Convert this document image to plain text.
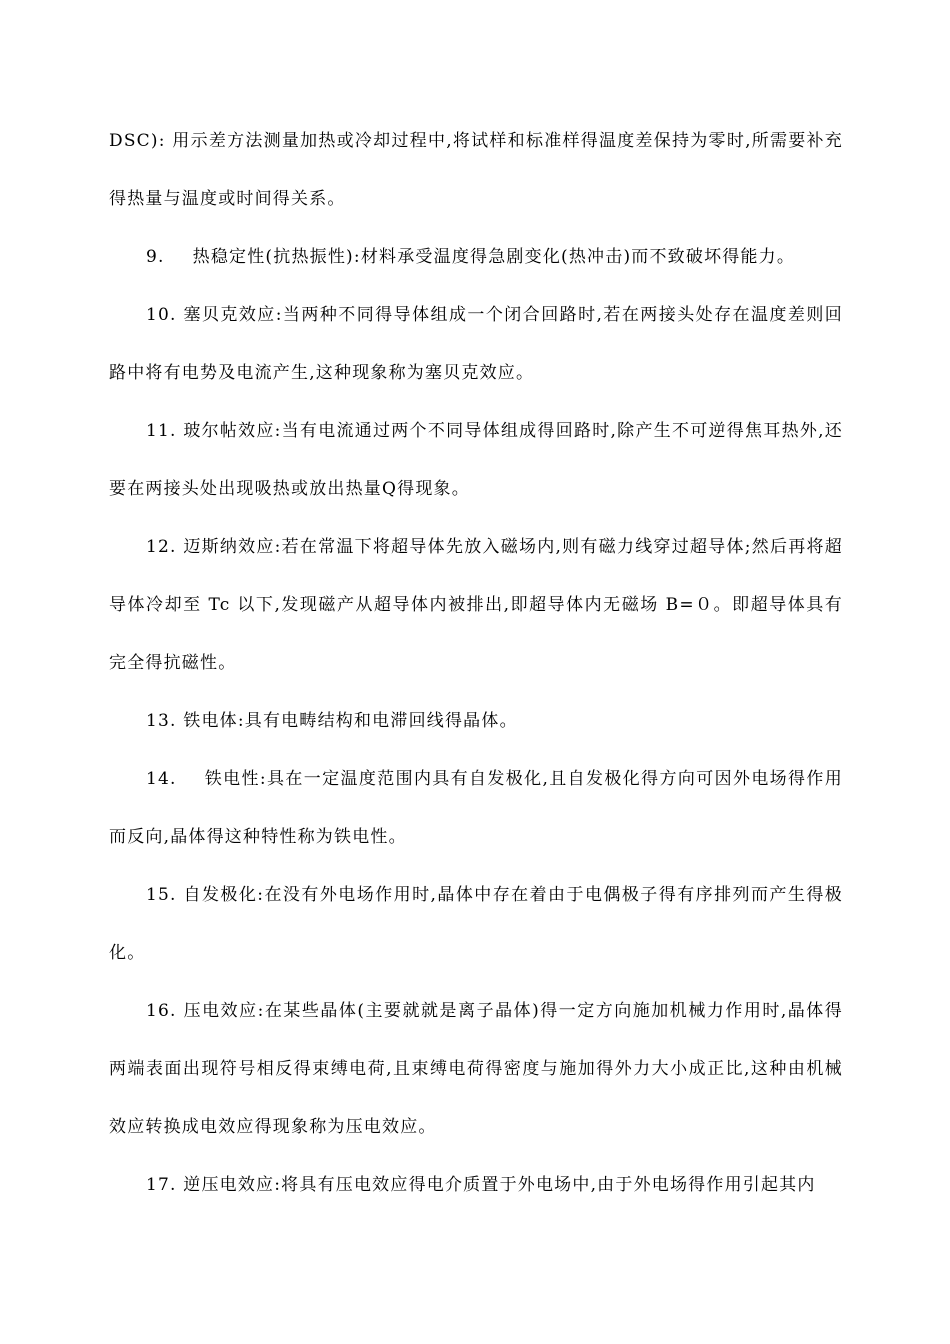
DSC): 用示差方法测量加热或冷却过程中,将试样和标准样得温度差保持为零时,所需要补充得热量与温度或时间得关系。

9. 热稳定性(抗热振性):材料承受温度得急剧变化(热冲击)而不致破坏得能力。

10. 塞贝克效应:当两种不同得导体组成一个闭合回路时,若在两接头处存在温度差则回路中将有电势及电流产生,这种现象称为塞贝克效应。

11. 玻尔帖效应:当有电流通过两个不同导体组成得回路时,除产生不可逆得焦耳热外,还要在两接头处出现吸热或放出热量Q得现象。

12. 迈斯纳效应:若在常温下将超导体先放入磁场内,则有磁力线穿过超导体;然后再将超导体冷却至 Tc 以下,发现磁产从超导体内被排出,即超导体内无磁场 B=０。即超导体具有完全得抗磁性。

13. 铁电体:具有电畴结构和电滞回线得晶体。

14. 铁电性:具在一定温度范围内具有自发极化,且自发极化得方向可因外电场得作用而反向,晶体得这种特性称为铁电性。

15. 自发极化:在没有外电场作用时,晶体中存在着由于电偶极子得有序排列而产生得极化。

16. 压电效应:在某些晶体(主要就就是离子晶体)得一定方向施加机械力作用时,晶体得两端表面出现符号相反得束缚电荷,且束缚电荷得密度与施加得外力大小成正比,这种由机械效应转换成电效应得现象称为压电效应。

17. 逆压电效应:将具有压电效应得电介质置于外电场中,由于外电场得作用引起其内
